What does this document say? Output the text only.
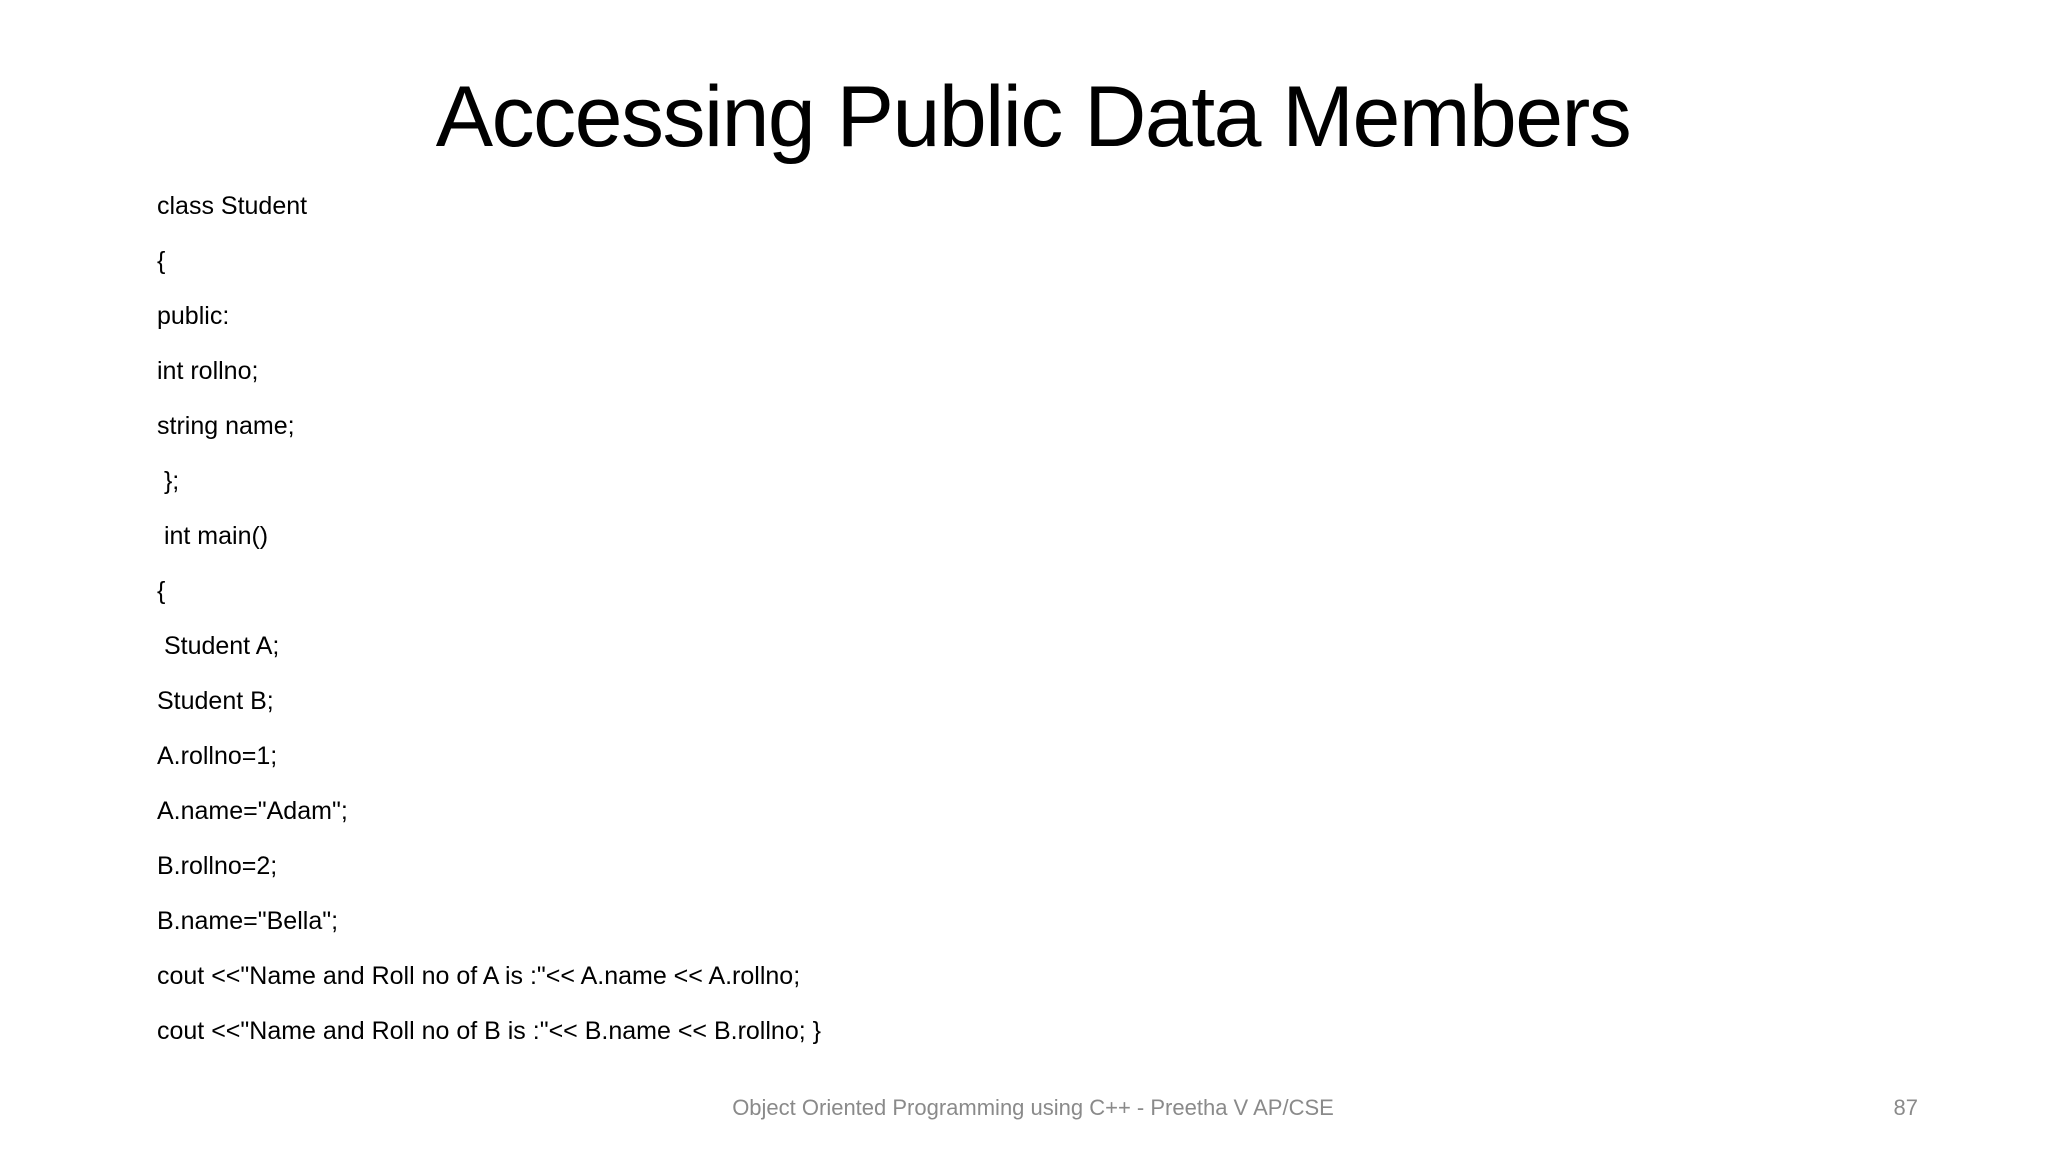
Accessing Public Data Members
class Student
{
public:
int rollno;
string name;
};
int main()
{
Student A;
Student B;
A.rollno=1;
A.name="Adam";
B.rollno=2;
B.name="Bella";
cout <<"Name and Roll no of A is :"<< A.name << A.rollno;
cout <<"Name and Roll no of B is :"<< B.name << B.rollno; }
Object Oriented Programming using C++ - Preetha V AP/CSE	87
